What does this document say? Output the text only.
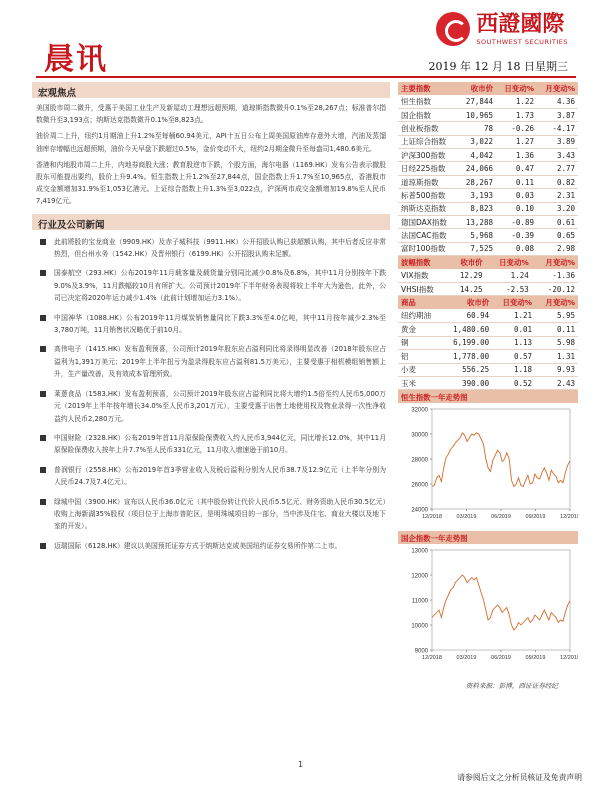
晨讯
西證國際
SOUTHWEST SECURITIES
2019 年 12 月 18 日星期三
宏观焦点

美国股市周二微升，受惠于美国工业生产及新屋动工理想远超预期，道琼斯指数微升0.1%至28,267点；标准普尔指数微升至3,193点；纳斯达克指数微升0.1%至8,823点。

油价周二上升，纽约1月期油上升1.2%至每桶60.94美元，API十五日公布上周美国原油库存意外大增，汽油及蒸馏油库存增幅也远超预期，油价今天早盘下跌超过0.5%，金价变动不大，纽约2月期金微升至每盎司1,480.6美元。

香港和内地股市周二上升，内地券商股大涨；教育股逆市下跌，个股方面，海尔电器（1169.HK）发布公告表示撤股股东可能提出要约，股价上升9.4%。恒生指数上升1.2%至27,844点，国企指数上升1.7%至10,965点，香港股市成交金额增加31.9%至1,053亿港元。上证综合指数上升1.3%至3,022点，沪深两市成交金额增加19.8%至人民币7,419亿元。

行业及公司新闻
此前將股的宝龙商业（9909.HK）及赤子城科技（9911.HK）公开招股认购已获超额认购，其中后者反应非常热烈，但台州水务（1542.HK）及晋州银行（6199.HK）公开招股认购未足额。
国泰航空（293.HK）公布2019年11月载客量及载货量分别同比减少0.8%及6.8%，其中11月分别按年下跌9.0%及3.9%，11月跌幅较10月有所扩大。公司预计2019年下半年财务表现将较上半年大为逊色，此外，公司已决定将2020年运力减少1.4%（此前计划增加运力3.1%）。
中国神华（1088.HK）公布2019年11月煤炭销售量同比下跌3.3%至4.0亿吨，其中11月按年减少2.3%至3,780万吨，11月销售状况略优于前10月。
高伟电子（1415.HK）发布盈利预喜，公司预计2019年股东应占溢利同比将录得明显改善（2018年股东应占溢利为1,391万美元；2019年上半年扭亏为盈录得股东应占溢利81.5万美元），主要受惠于相机模组销售额上升，生产量改善，及有效成本管理所致。
莱蒽食品（1583.HK）发布盈利预喜，公司预计2019年股东应占溢利同比将大增约1.5倍至约人民币5,000万元（2019年上半年按年增长34.0%至人民币3,201万元），主要受惠于出售土地使用权及物业录得一次性净收益约人民币2,280万元。
中国财险（2328.HK）公布2019年首11月原保险保费收入约人民币3,944亿元，同比增长12.0%，其中11月原保险保费收入按年上升7.7%至人民币331亿元，11月收入增速逊于前10月。
普润银行（2558.HK）公布2019年首3季营业收入及税后溢利分别为人民币38.7及12.9亿元（上半年分别为人民币24.7及7.4亿元）。
绿城中国（3900.HK）宣布以人民币36.0亿元（其中股份转让代价人民币5.5亿元、财务资助人民币30.5亿元）收购上海新湖35%股权（项目位于上海市普陀区，是明珠城项目的一部分，当中涉及住宅、商业大楼以及地下室的开发）。
迈瑞国际（6128.HK）建议以美国预托证券方式于纳斯达克或美国纽约证券交易所作第二上市。
主要指数	收市价	日变动%	月变动%
恒生指数	27,844	1.22	4.36
国企指数	10,965	1.73	3.87
创业板指数	78	-0.26	-4.17
上证综合指数	3,022	1.27	3.89
沪深300指数	4,042	1.36	3.43
日经225指数	24,066	0.47	2.77
道琼斯指数	28,267	0.11	0.82
标普500指数	3,193	0.03	2.31
纳斯达克指数	8,823	0.10	3.20
德国DAX指数	13,288	-0.89	0.61
法国CAC指数	5,968	-0.39	0.65
富时100指数	7,525	0.08	2.98
波幅指数	收市价	日变动%	月变动%
VIX指数	12.29	1.24	-1.36
VHSI指数	14.25	-2.53	-20.12
商品	收市价	日变动%	月变动%
纽约期油	60.94	1.21	5.95
黄金	1,480.60	0.01	0.11
铜	6,199.00	1.13	5.98
铝	1,778.00	0.57	1.31
小麦	556.25	1.18	9.93
玉米	390.00	0.52	2.43
恒生指数一年走势图
24000
26000
28000
30000
32000
12/2018	03/2019	06/2019	09/2019	12/2019
国企指数一年走势图
9000
10000
11000
12000
13000
12/2018	03/2019	06/2019	09/2019	12/2019
资料来源：彭博，西证证券经纪
1
请参阅后文之分析员核证及免责声明
